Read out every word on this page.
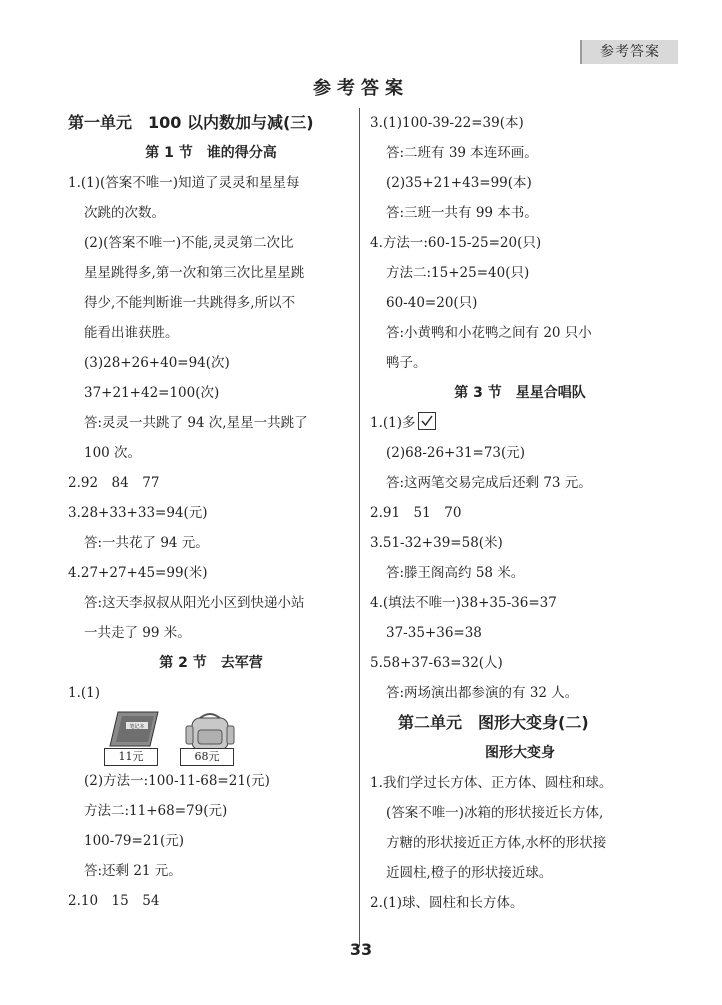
参考答案
参考答案
第一单元　100 以内数加与减(三)
第 1 节　谁的得分高
1.(1)(答案不唯一)知道了灵灵和星星每
次跳的次数。
(2)(答案不唯一)不能,灵灵第二次比
星星跳得多,第一次和第三次比星星跳
得少,不能判断谁一共跳得多,所以不
能看出谁获胜。
(3)28+26+40=94(次)
37+21+42=100(次)
答:灵灵一共跳了 94 次,星星一共跳了
100 次。
2.92　84　77
3.28+33+33=94(元)
答:一共花了 94 元。
4.27+27+45=99(米)
答:这天李叔叔从阳光小区到快递小站
一共走了 99 米。
第 2 节　去军营
1.(1)
笔记本
11元	68元
(2)方法一:100-11-68=21(元)
方法二:11+68=79(元)
100-79=21(元)
答:还剩 21 元。
2.10　15　54
3.(1)100-39-22=39(本)
答:二班有 39 本连环画。
(2)35+21+43=99(本)
答:三班一共有 99 本书。
4.方法一:60-15-25=20(只)
方法二:15+25=40(只)
60-40=20(只)
答:小黄鸭和小花鸭之间有 20 只小
鸭子。
第 3 节　星星合唱队
1.(1)多
(2)68-26+31=73(元)
答:这两笔交易完成后还剩 73 元。
2.91　51　70
3.51-32+39=58(米)
答:滕王阁高约 58 米。
4.(填法不唯一)38+35-36=37
37-35+36=38
5.58+37-63=32(人)
答:两场演出都参演的有 32 人。
第二单元　图形大变身(二)
图形大变身
1.我们学过长方体、正方体、圆柱和球。
(答案不唯一)冰箱的形状接近长方体,
方糖的形状接近正方体,水杯的形状接
近圆柱,橙子的形状接近球。
2.(1)球、圆柱和长方体。
33
